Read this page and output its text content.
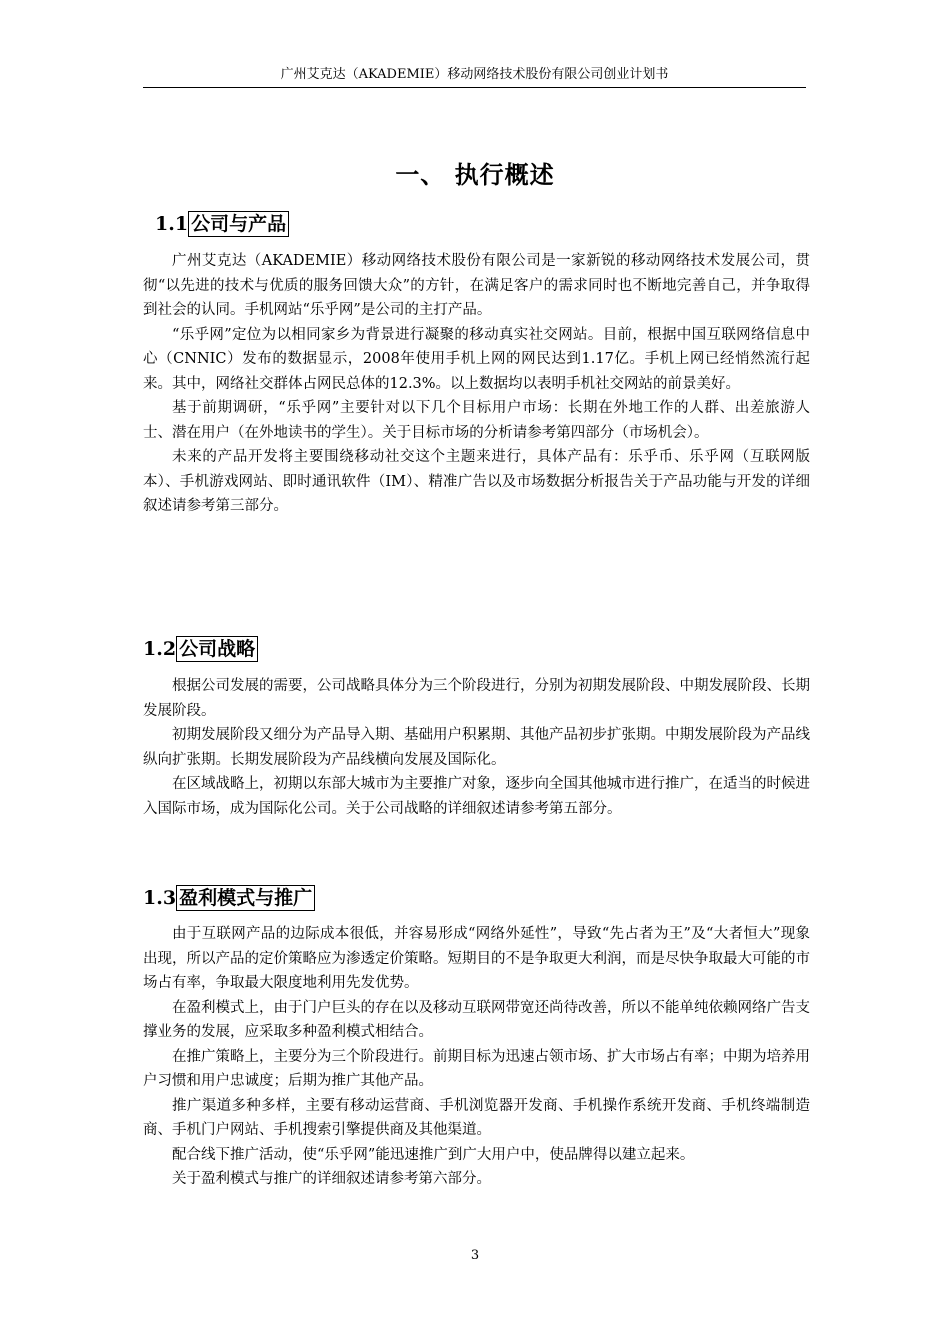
广州艾克达（AKADEMIE）移动网络技术股份有限公司创业计划书
一、 执行概述
1.1 公司与产品

广州艾克达（AKADEMIE）移动网络技术股份有限公司是一家新锐的移动网络技术发展公司，贯彻“以先进的技术与优质的服务回馈大众”的方针，在满足客户的需求同时也不断地完善自己，并争取得到社会的认同。手机网站“乐乎网”是公司的主打产品。

“乐乎网”定位为以相同家乡为背景进行凝聚的移动真实社交网站。目前，根据中国互联网络信息中心（CNNIC）发布的数据显示，2008年使用手机上网的网民达到1.17亿。手机上网已经悄然流行起来。其中，网络社交群体占网民总体的12.3%。以上数据均以表明手机社交网站的前景美好。

基于前期调研，“乐乎网”主要针对以下几个目标用户市场：长期在外地工作的人群、出差旅游人士、潜在用户（在外地读书的学生）。关于目标市场的分析请参考第四部分（市场机会）。

未来的产品开发将主要围绕移动社交这个主题来进行，具体产品有：乐乎币、乐乎网（互联网版本）、手机游戏网站、即时通讯软件（IM）、精准广告以及市场数据分析报告关于产品功能与开发的详细叙述请参考第三部分。

1.2 公司战略

根据公司发展的需要，公司战略具体分为三个阶段进行，分别为初期发展阶段、中期发展阶段、长期发展阶段。

初期发展阶段又细分为产品导入期、基础用户积累期、其他产品初步扩张期。中期发展阶段为产品线纵向扩张期。长期发展阶段为产品线横向发展及国际化。

在区域战略上，初期以东部大城市为主要推广对象，逐步向全国其他城市进行推广，在适当的时候进入国际市场，成为国际化公司。关于公司战略的详细叙述请参考第五部分。

1.3 盈利模式与推广

由于互联网产品的边际成本很低，并容易形成“网络外延性”，导致“先占者为王”及“大者恒大”现象出现，所以产品的定价策略应为渗透定价策略。短期目的不是争取更大利润，而是尽快争取最大可能的市场占有率，争取最大限度地利用先发优势。

在盈利模式上，由于门户巨头的存在以及移动互联网带宽还尚待改善，所以不能单纯依赖网络广告支撑业务的发展，应采取多种盈利模式相结合。

在推广策略上，主要分为三个阶段进行。前期目标为迅速占领市场、扩大市场占有率；中期为培养用户习惯和用户忠诚度；后期为推广其他产品。

推广渠道多种多样，主要有移动运营商、手机浏览器开发商、手机操作系统开发商、手机终端制造商、手机门户网站、手机搜索引擎提供商及其他渠道。

配合线下推广活动，使“乐乎网”能迅速推广到广大用户中，使品牌得以建立起来。

关于盈利模式与推广的详细叙述请参考第六部分。

3
